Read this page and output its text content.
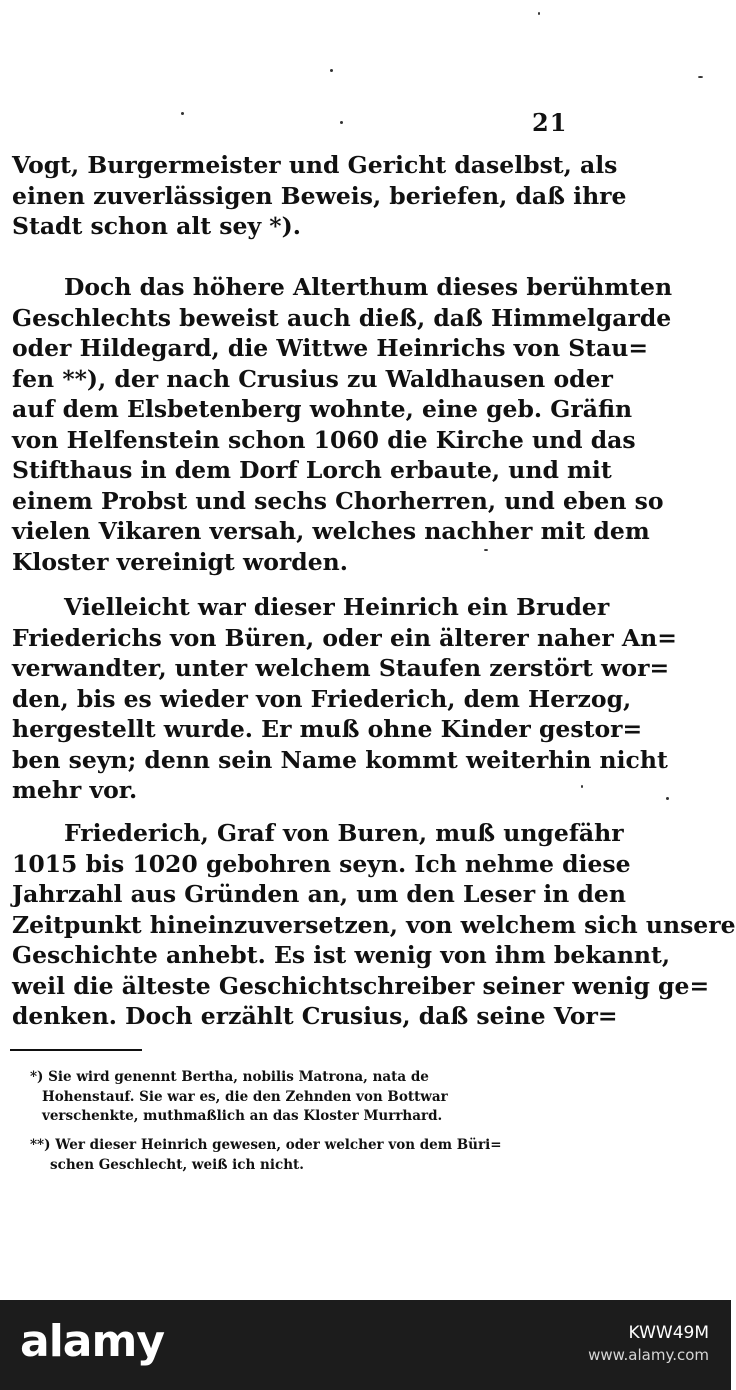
21
Vogt, Burgermeister und Gericht daselbst, als
einen zuverlässigen Beweis, beriefen, daß ihre
Stadt schon alt sey *).
Doch das höhere Alterthum dieses berühmten
Geschlechts beweist auch dieß, daß Himmelgarde
oder Hildegard, die Wittwe Heinrichs von Stau=
fen **), der nach Crusius zu Waldhausen oder
auf dem Elsbetenberg wohnte, eine geb. Gräfin
von Helfenstein schon 1060 die Kirche und das
Stifthaus in dem Dorf Lorch erbaute, und mit
einem Probst und sechs Chorherren, und eben so
vielen Vikaren versah, welches nachher mit dem
Kloster vereinigt worden.
Vielleicht war dieser Heinrich ein Bruder
Friederichs von Büren, oder ein älterer naher An=
verwandter, unter welchem Staufen zerstört wor=
den, bis es wieder von Friederich, dem Herzog,
hergestellt wurde. Er muß ohne Kinder gestor=
ben seyn; denn sein Name kommt weiterhin nicht
mehr vor.
Friederich, Graf von Buren, muß ungefähr
1015 bis 1020 gebohren seyn. Ich nehme diese
Jahrzahl aus Gründen an, um den Leser in den
Zeitpunkt hineinzuversetzen, von welchem sich unsere
Geschichte anhebt. Es ist wenig von ihm bekannt,
weil die älteste Geschichtschreiber seiner wenig ge=
denken. Doch erzählt Crusius, daß seine Vor=
*) Sie wird genennt Bertha, nobilis Matrona, nata de
Hohenstauf. Sie war es, die den Zehnden von Bottwar
verschenkte, muthmaßlich an das Kloster Murrhard.
**) Wer dieser Heinrich gewesen, oder welcher von dem Büri=
schen Geschlecht, weiß ich nicht.
alamy	KWW49M
www.alamy.com
